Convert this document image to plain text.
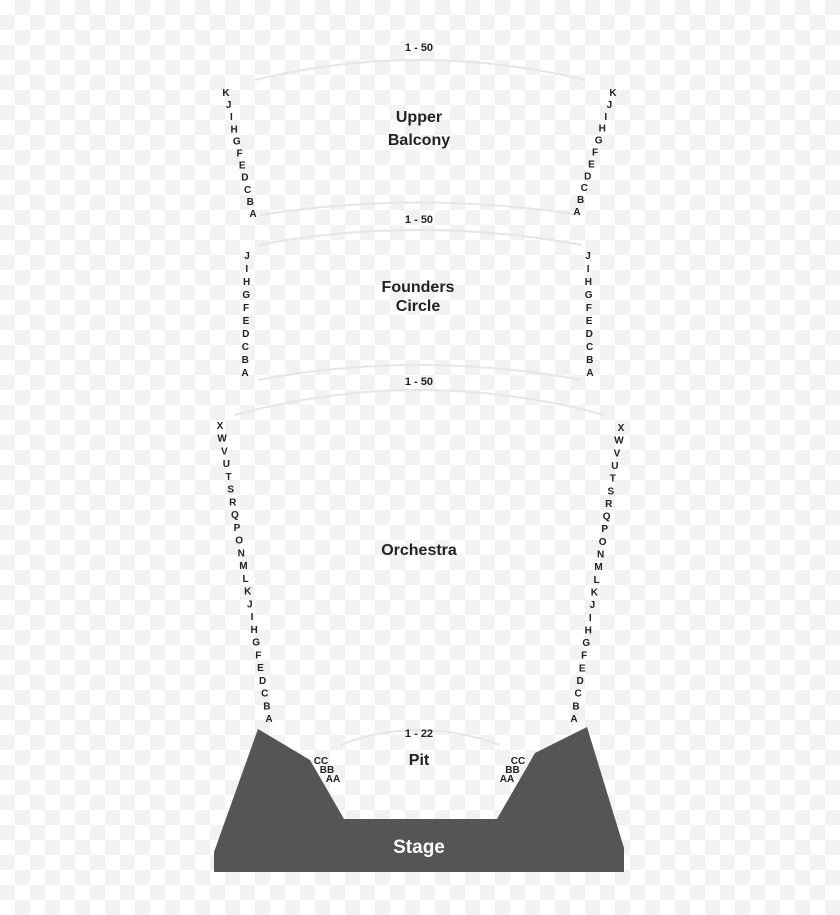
Stage
1 - 50
Upper
Balcony
1 - 50
Founders
Circle
1 - 50
Orchestra
1 - 22
Pit
K
J
I
H
G
F
E
D
C
B
A
K
J
I
H
G
F
E
D
C
B
A
J
I
H
G
F
E
D
C
B
A
J
I
H
G
F
E
D
C
B
A
X
W
V
U
T
S
R
Q
P
O
N
M
L
K
J
I
H
G
F
E
D
C
B
A
X
W
V
U
T
S
R
Q
P
O
N
M
L
K
J
I
H
G
F
E
D
C
B
A
CC
BB
AA
CC
BB
AA
